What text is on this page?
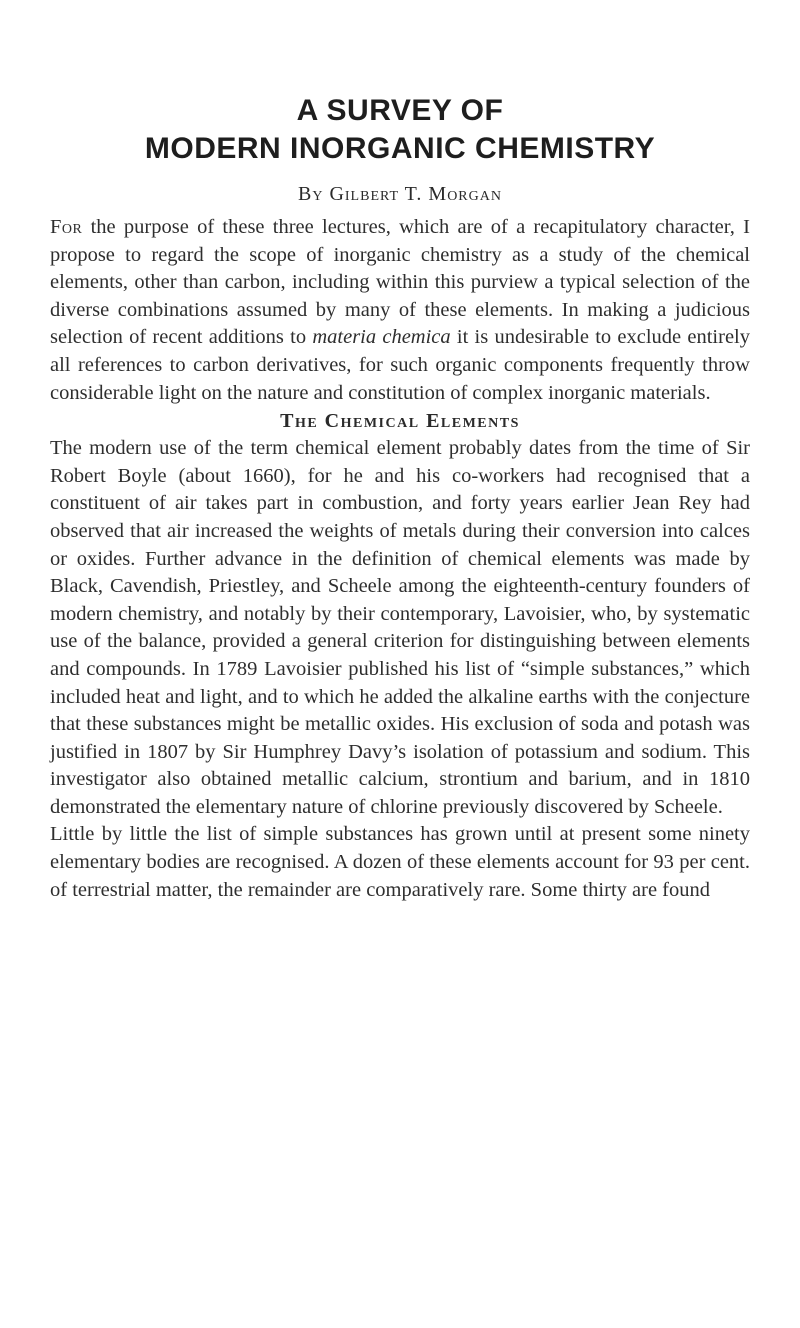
A SURVEY OF
MODERN INORGANIC CHEMISTRY
By Gilbert T. Morgan

For the purpose of these three lectures, which are of a recapitulatory character, I propose to regard the scope of inorganic chemistry as a study of the chemical elements, other than carbon, including within this purview a typical selection of the diverse combinations assumed by many of these elements. In making a judicious selection of recent additions to materia chemica it is undesirable to exclude entirely all references to carbon derivatives, for such organic components frequently throw considerable light on the nature and constitution of complex inorganic materials.

The Chemical Elements

The modern use of the term chemical element probably dates from the time of Sir Robert Boyle (about 1660), for he and his co-workers had recognised that a constituent of air takes part in combustion, and forty years earlier Jean Rey had observed that air increased the weights of metals during their conversion into calces or oxides. Further advance in the definition of chemical elements was made by Black, Cavendish, Priestley, and Scheele among the eighteenth-century founders of modern chemistry, and notably by their contemporary, Lavoisier, who, by systematic use of the balance, provided a general criterion for distinguishing between elements and compounds. In 1789 Lavoisier published his list of “simple substances,” which included heat and light, and to which he added the alkaline earths with the conjecture that these substances might be metallic oxides. His exclusion of soda and potash was justified in 1807 by Sir Humphrey Davy’s isolation of potassium and sodium. This investigator also obtained metallic calcium, strontium and barium, and in 1810 demonstrated the elementary nature of chlorine previously discovered by Scheele.

Little by little the list of simple substances has grown until at present some ninety elementary bodies are recognised. A dozen of these elements account for 93 per cent. of terrestrial matter, the remainder are comparatively rare. Some thirty are found
